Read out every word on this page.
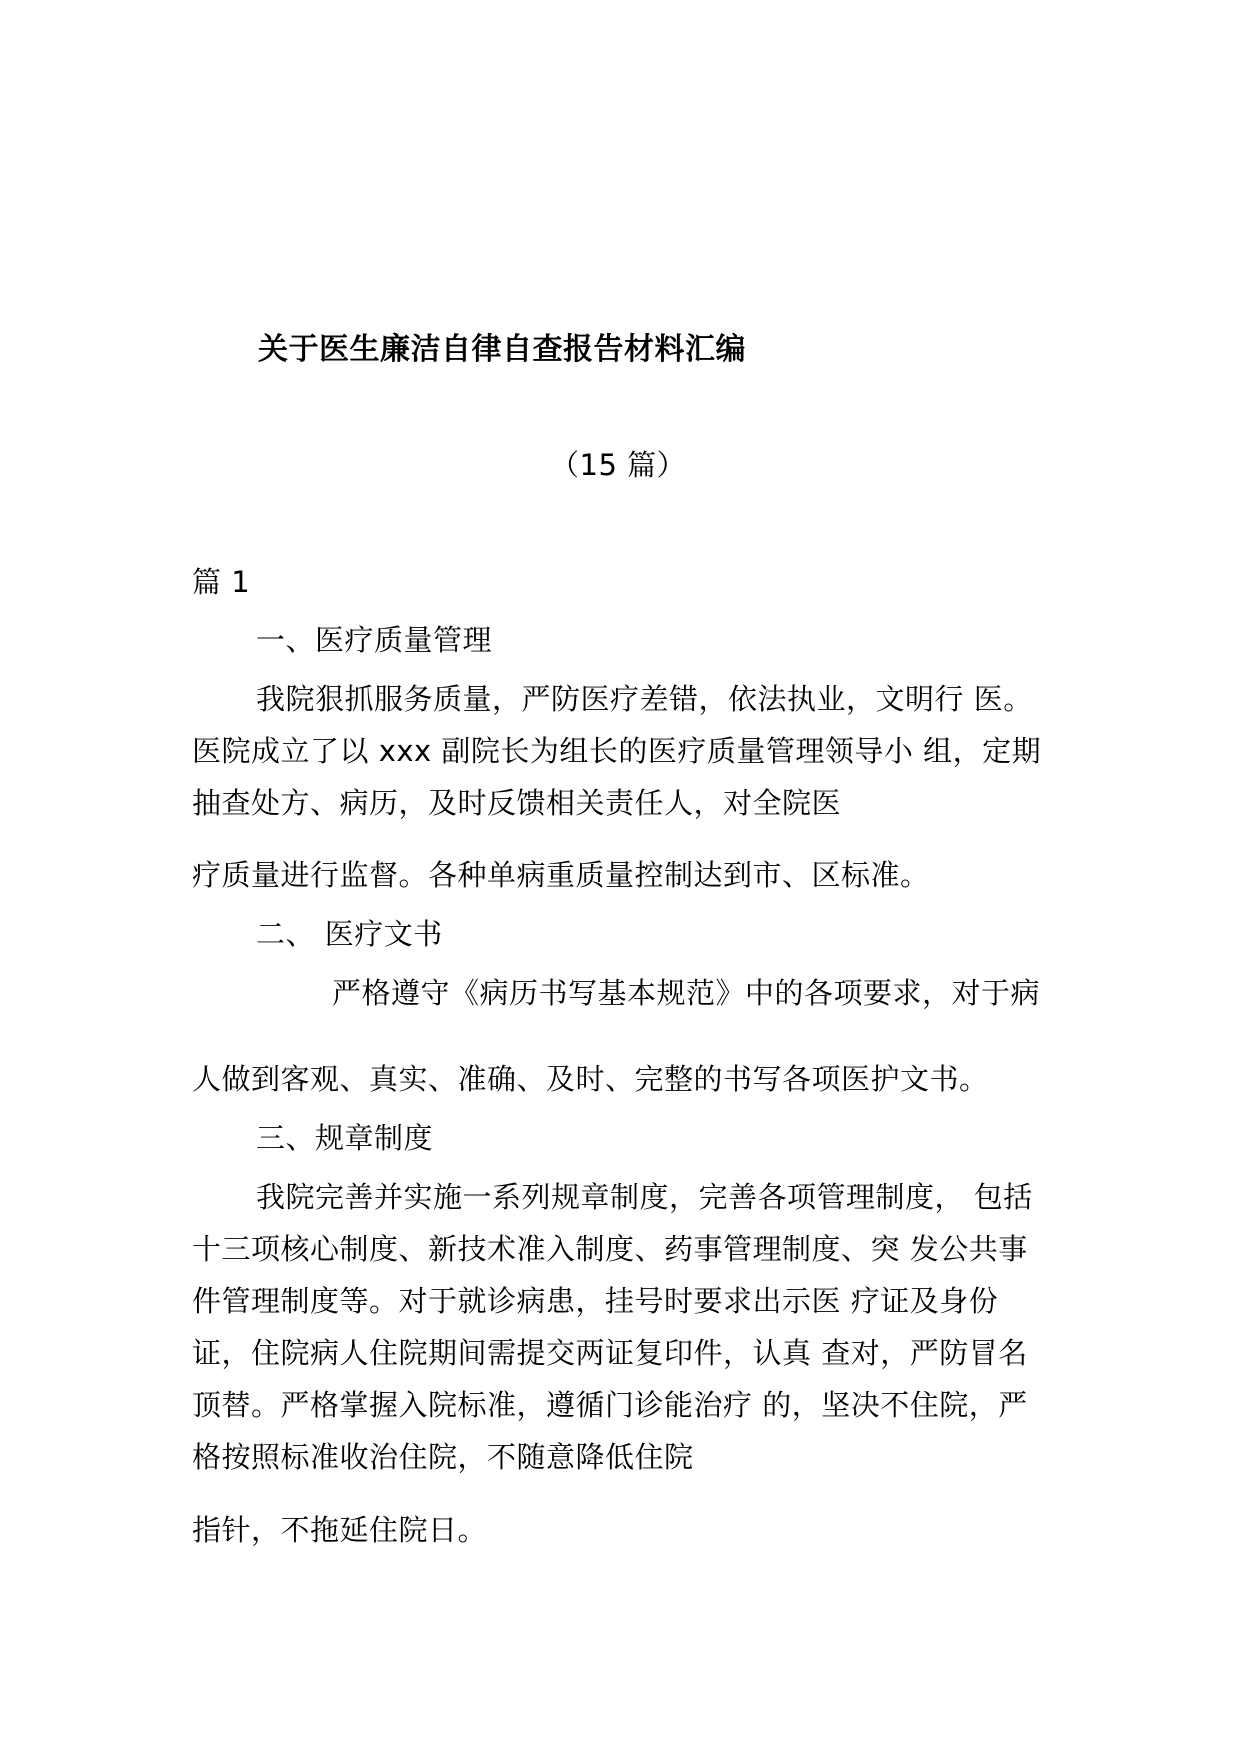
关于医生廉洁自律自查报告材料汇编
（15 篇）
篇 1
一、医疗质量管理
我院狠抓服务质量，严防医疗差错，依法执业，文明行 医。
医院成立了以 xxx 副院长为组长的医疗质量管理领导小 组，定期
抽查处方、病历，及时反馈相关责任人，对全院医
疗质量进行监督。各种单病重质量控制达到市、区标准。
二、 医疗文书
严格遵守《病历书写基本规范》中的各项要求，对于病
人做到客观、真实、准确、及时、完整的书写各项医护文书。
三、规章制度
我院完善并实施一系列规章制度，完善各项管理制度， 包括
十三项核心制度、新技术准入制度、药事管理制度、突 发公共事
件管理制度等。对于就诊病患，挂号时要求出示医 疗证及身份
证，住院病人住院期间需提交两证复印件，认真 查对，严防冒名
顶替。严格掌握入院标准，遵循门诊能治疗 的，坚决不住院，严
格按照标准收治住院，不随意降低住院
指针，不拖延住院日。
